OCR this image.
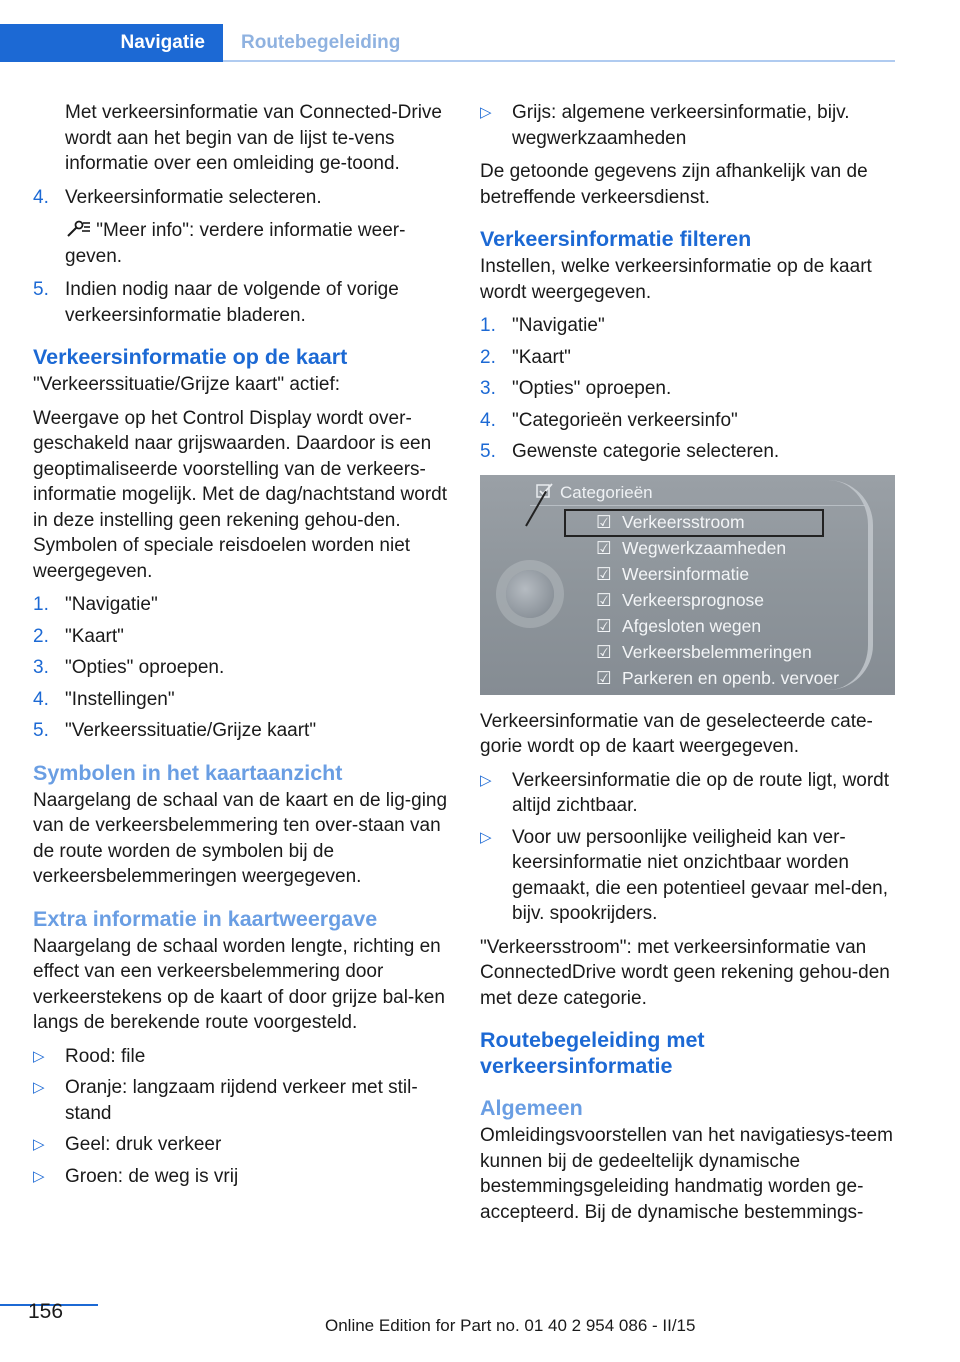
Navigatie	Routebegeleiding

Met verkeersinformatie van Connected-Drive wordt aan het begin van de lijst te-vens informatie over een omleiding ge-toond.

4. Verkeersinformatie selecteren.

"Meer info": verdere informatie weer-geven.

5. Indien nodig naar de volgende of vorige verkeersinformatie bladeren.
Verkeersinformatie op de kaart

"Verkeerssituatie/Grijze kaart" actief:

Weergave op het Control Display wordt over-geschakeld naar grijswaarden. Daardoor is een geoptimaliseerde voorstelling van de verkeers-informatie mogelijk. Met de dag/nachtstand wordt in deze instelling geen rekening gehou-den. Symbolen of speciale reisdoelen worden niet weergegeven.

1. "Navigatie"
2. "Kaart"
3. "Opties" oproepen.
4. "Instellingen"
5. "Verkeerssituatie/Grijze kaart"
Symbolen in het kaartaanzicht

Naargelang de schaal van de kaart en de lig-ging van de verkeersbelemmering ten over-staan van de route worden de symbolen bij de verkeersbelemmeringen weergegeven.

Extra informatie in kaartweergave

Naargelang de schaal worden lengte, richting en effect van een verkeersbelemmering door verkeerstekens op de kaart of door grijze bal-ken langs de berekende route voorgesteld.

▷	Rood: file
▷	Oranje: langzaam rijdend verkeer met stil-stand
▷	Geel: druk verkeer
▷	Groen: de weg is vrij
▷	Grijs: algemene verkeersinformatie, bijv. wegwerkzaamheden

De getoonde gegevens zijn afhankelijk van de betreffende verkeersdienst.

Verkeersinformatie filteren

Instellen, welke verkeersinformatie op de kaart wordt weergegeven.

1. "Navigatie"
2. "Kaart"
3. "Opties" oproepen.
4. "Categorieën verkeersinfo"
5. Gewenste categorie selecteren.
Categorieën
☑ Verkeersstroom
☑ Wegwerkzaamheden
☑ Weersinformatie
☑ Verkeersprognose
☑ Afgesloten wegen
☑ Verkeersbelemmeringen
☑ Parkeren en openb. vervoer

Verkeersinformatie van de geselecteerde cate-gorie wordt op de kaart weergegeven.

▷	Verkeersinformatie die op de route ligt, wordt altijd zichtbaar.
▷	Voor uw persoonlijke veiligheid kan ver-keersinformatie niet onzichtbaar worden gemaakt, die een potentieel gevaar mel-den, bijv. spookrijders.

"Verkeersstroom": met verkeersinformatie van ConnectedDrive wordt geen rekening gehou-den met deze categorie.

Routebegeleiding met verkeersinformatie
Algemeen

Omleidingsvoorstellen van het navigatiesys-teem kunnen bij de gedeeltelijk dynamische bestemmingsgeleiding handmatig worden ge-accepteerd. Bij de dynamische bestemmings-

156
Online Edition for Part no. 01 40 2 954 086 - II/15
